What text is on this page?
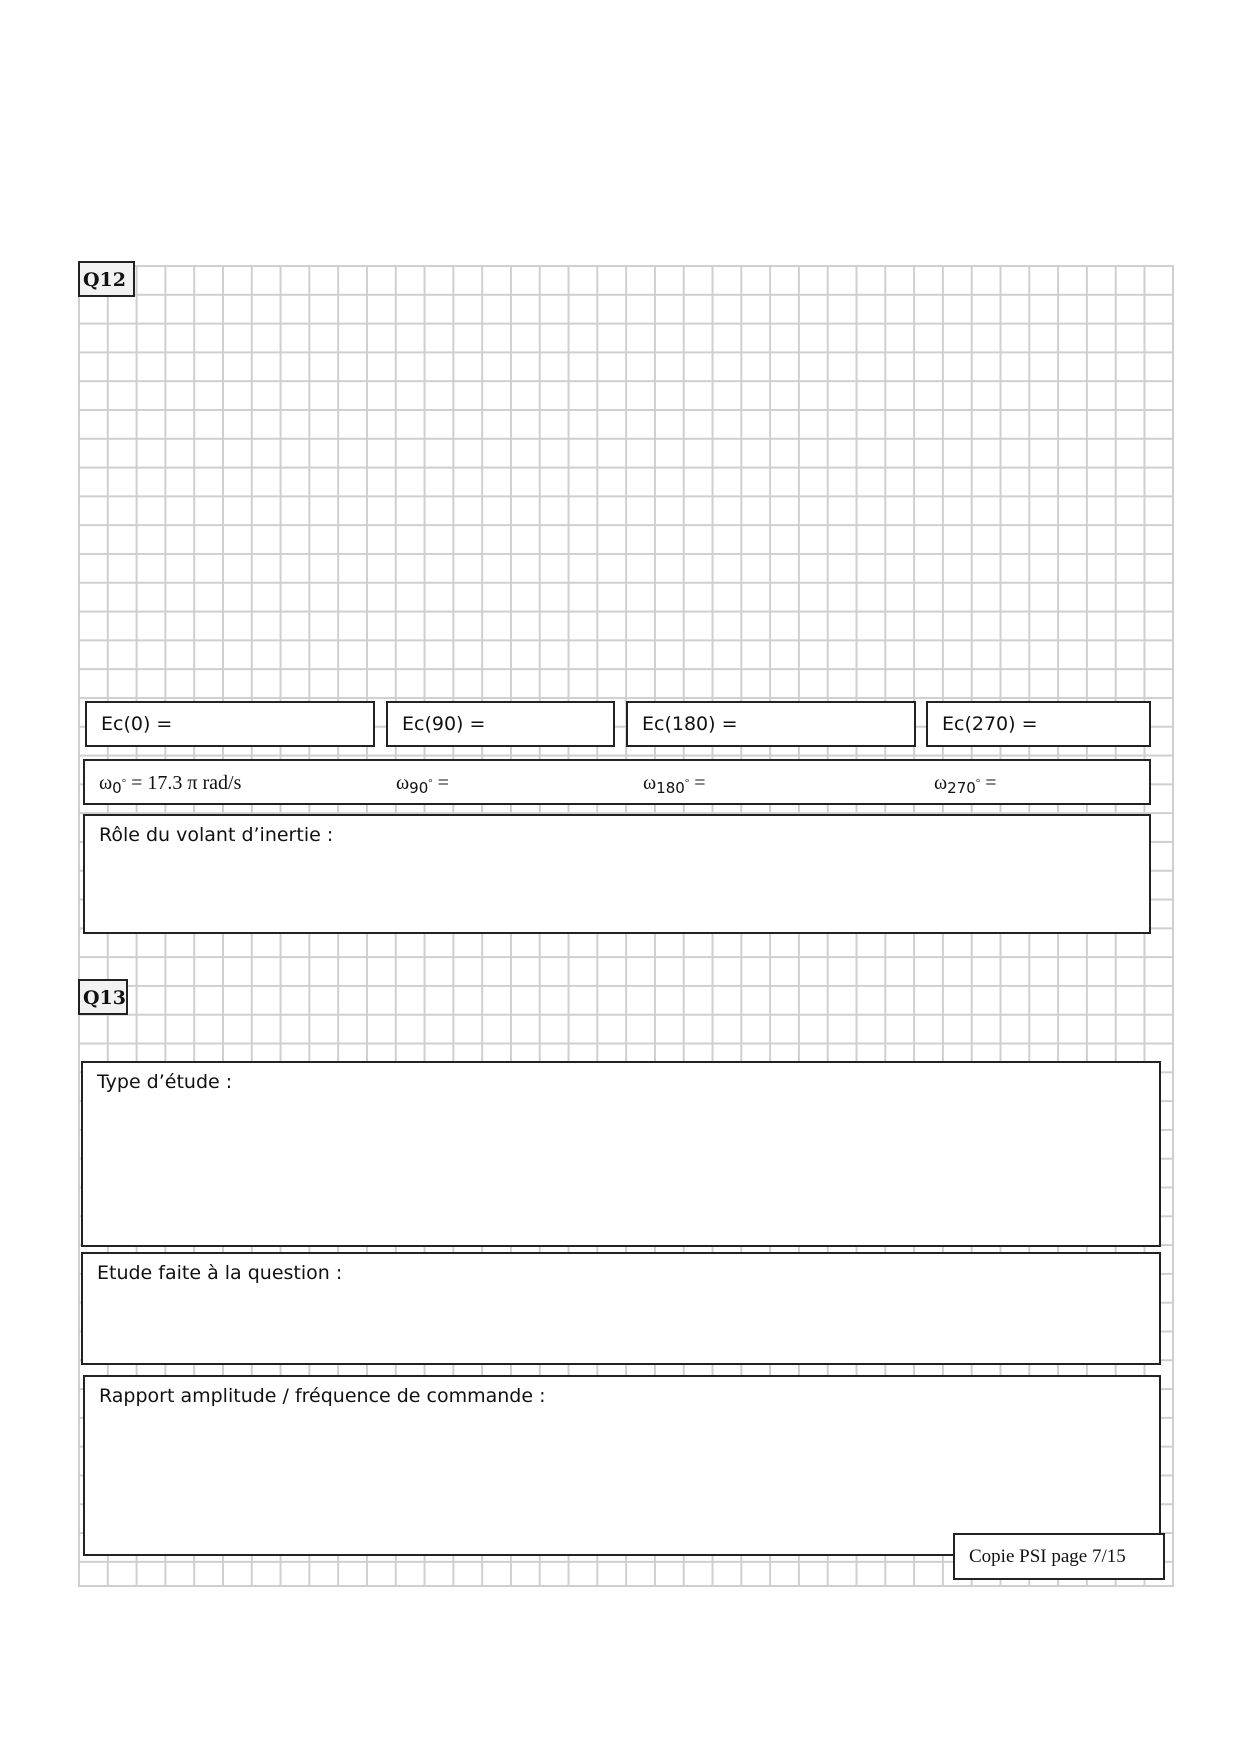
Q12
Ec(0) =	Ec(90) =	Ec(180) =	Ec(270) =
$\omega_0^\circ = 17.3$ π rad/s	$\omega_{90}^\circ$ =	$\omega_{180}^\circ$ =	$\omega_{270}^\circ$ =
Rôle du volant d’inertie :
Q13
Type d’étude :
Etude faite à la question :
Rapport amplitude / fréquence de commande :
Copie PSI page 7/15
